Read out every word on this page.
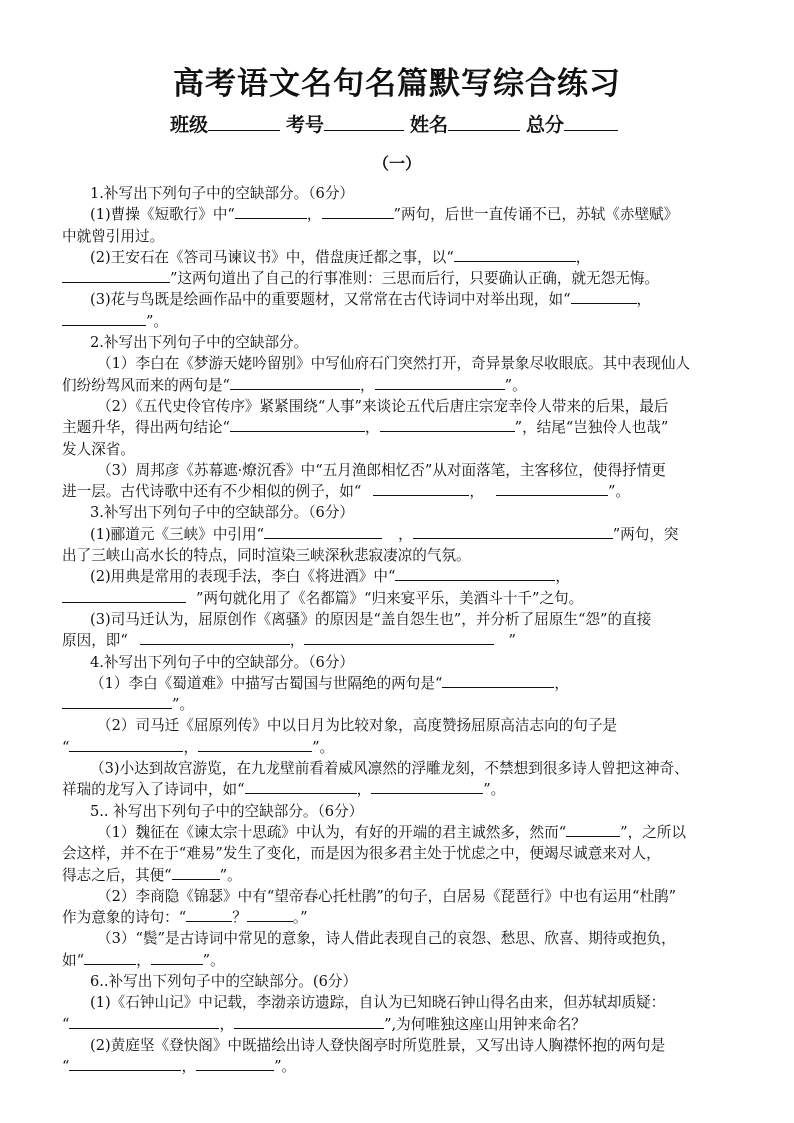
高考语文名句名篇默写综合练习
班级	考号	姓名	总分
（一）
1.补写出下列句子中的空缺部分。（6分）
(1)曹操《短歌行》中“	，	”两句，后世一直传诵不已，苏轼《赤壁赋》
中就曾引用过。
(2)王安石在《答司马谏议书》中，借盘庚迁都之事，以“	，
”这两句道出了自己的行事准则：三思而后行，只要确认正确，就无怨无悔。
(3)花与鸟既是绘画作品中的重要题材，又常常在古代诗词中对举出现，如“	，
”。
2.补写出下列句子中的空缺部分。
（1）李白在《梦游天姥吟留别》中写仙府石门突然打开，奇异景象尽收眼底。其中表现仙人
们纷纷驾风而来的两句是“	，	”。
（2）《五代史伶官传序》紧紧围绕“人事”来谈论五代后唐庄宗宠幸伶人带来的后果，最后
主题升华，得出两句结论“	，	”，结尾“岂独伶人也哉”
发人深省。
（3）周邦彦《苏幕遮·燎沉香》中“五月渔郎相忆否”从对面落笔，主客移位，使得抒情更
进一层。古代诗歌中还有不少相似的例子，如“	，	”。
3.补写出下列句子中的空缺部分。（6分）
(1)郦道元《三峡》中引用“	，	”两句，突
出了三峡山高水长的特点，同时渲染三峡深秋悲寂凄凉的气氛。
(2)用典是常用的表现手法，李白《将进酒》中“	，
”两句就化用了《名都篇》“归来宴平乐，美酒斗十千”之句。
(3)司马迁认为，屈原创作《离骚》的原因是“盖自怨生也”，并分析了屈原生“怨”的直接
原因，即“	，	”
4.补写出下列句子中的空缺部分。（6分）
（1）李白《蜀道难》中描写古蜀国与世隔绝的两句是“	，
”。
（2）司马迁《屈原列传》中以日月为比较对象，高度赞扬屈原高洁志向的句子是
“	，	”。
（3)小达到故宫游览，在九龙壁前看着威风凛然的浮雕龙刻，不禁想到很多诗人曾把这神奇、
祥瑞的龙写入了诗词中，如“	，	”。
5.. 补写出下列句子中的空缺部分。（6分）
（1）魏征在《谏太宗十思疏》中认为，有好的开端的君主诚然多，然而“	”，之所以
会这样，并不在于“难易”发生了变化，而是因为很多君主处于忧虑之中，便竭尽诚意来对人，
得志之后，其便“	”。
（2）李商隐《锦瑟》中有“望帝春心托杜鹃”的句子，白居易《琵琶行》中也有运用“杜鹃”
作为意象的诗句：“	？	。”
（3）“鬓”是古诗词中常见的意象，诗人借此表现自己的哀怨、愁思、欣喜、期待或抱负，
如“	，	”。
6..补写出下列句子中的空缺部分。(6分）
(1)《石钟山记》中记载，李渤亲访遗踪，自认为已知晓石钟山得名由来，但苏轼却质疑：
“	，	”,为何唯独这座山用钟来命名？
(2)黄庭坚《登快阁》中既描绘出诗人登快阁亭时所览胜景，又写出诗人胸襟怀抱的两句是
“	，	”。
